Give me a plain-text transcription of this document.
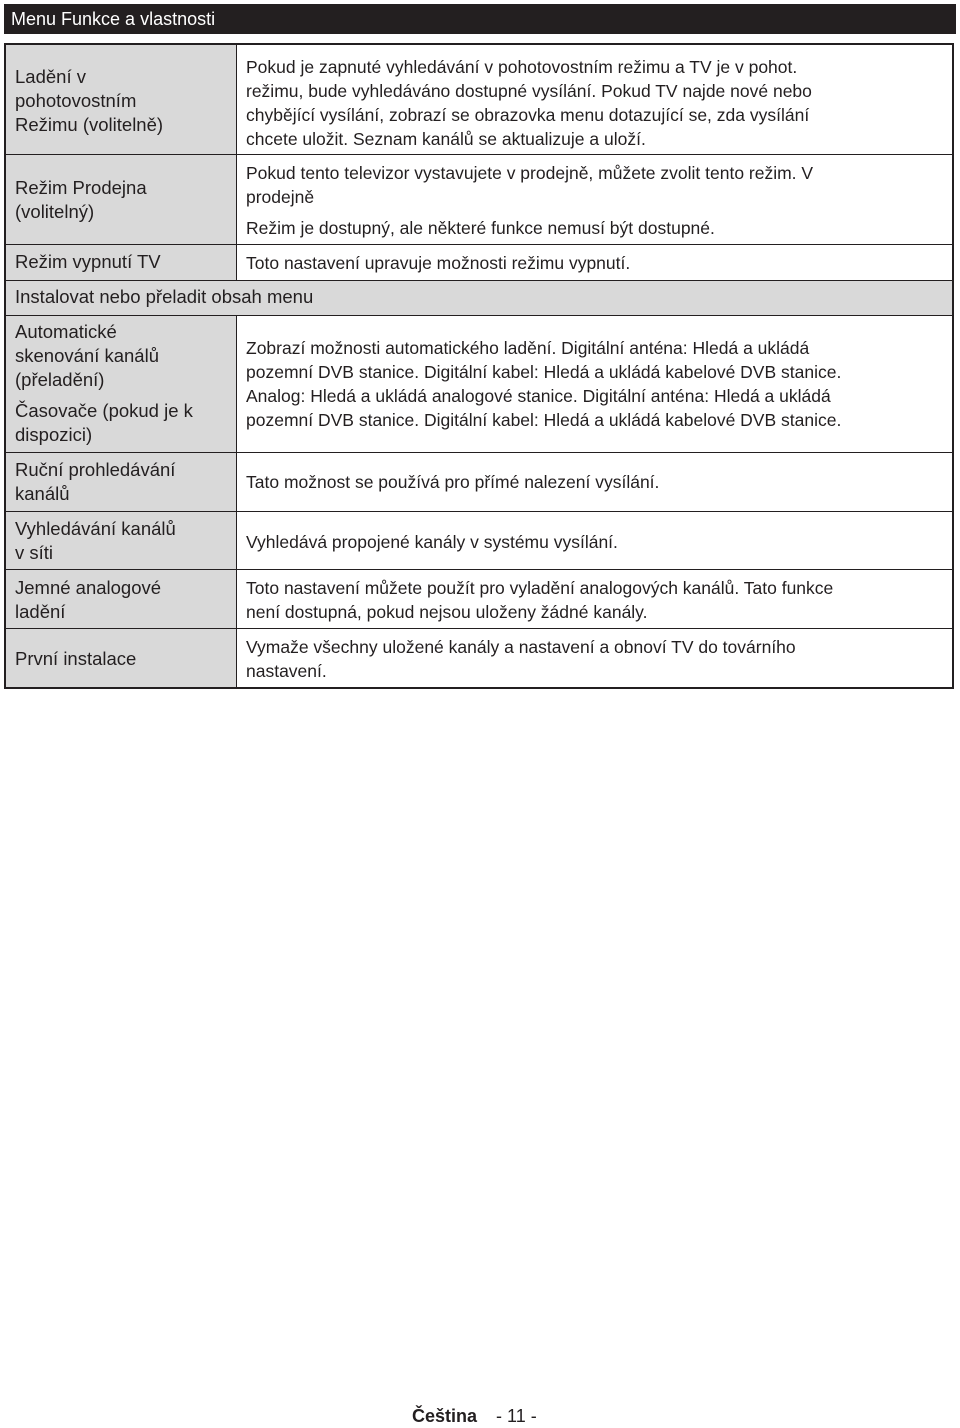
Menu Funkce a vlastnosti
Ladění v
pohotovostním
Režimu (volitelně)
Pokud je zapnuté vyhledávání v pohotovostním režimu a TV je v pohot.
režimu, bude vyhledáváno dostupné vysílání. Pokud TV najde nové nebo
chybějící vysílání, zobrazí se obrazovka menu dotazující se, zda vysílání
chcete uložit. Seznam kanálů se aktualizuje a uloží.
Režim Prodejna
(volitelný)
Pokud tento televizor vystavujete v prodejně, můžete zvolit tento režim. V
prodejně
Režim je dostupný, ale některé funkce nemusí být dostupné.
Režim vypnutí TV	Toto nastavení upravuje možnosti režimu vypnutí.
Instalovat nebo přeladit obsah menu
Automatické
skenování kanálů
(přeladění)
Časovače (pokud je k
dispozici)
Zobrazí možnosti automatického ladění. Digitální anténa: Hledá a ukládá
pozemní DVB stanice. Digitální kabel: Hledá a ukládá kabelové DVB stanice.
Analog: Hledá a ukládá analogové stanice. Digitální anténa: Hledá a ukládá
pozemní DVB stanice. Digitální kabel: Hledá a ukládá kabelové DVB stanice.
Ruční prohledávání
kanálů
Tato možnost se používá pro přímé nalezení vysílání.
Vyhledávání kanálů
v síti	Vyhledává propojené kanály v systému vysílání.
Jemné analogové
ladění
Toto nastavení můžete použít pro vyladění analogových kanálů. Tato funkce
není dostupná, pokud nejsou uloženy žádné kanály.
První instalace
Vymaže všechny uložené kanály a nastavení a obnoví TV do továrního
nastavení.
Čeština - 11 -
